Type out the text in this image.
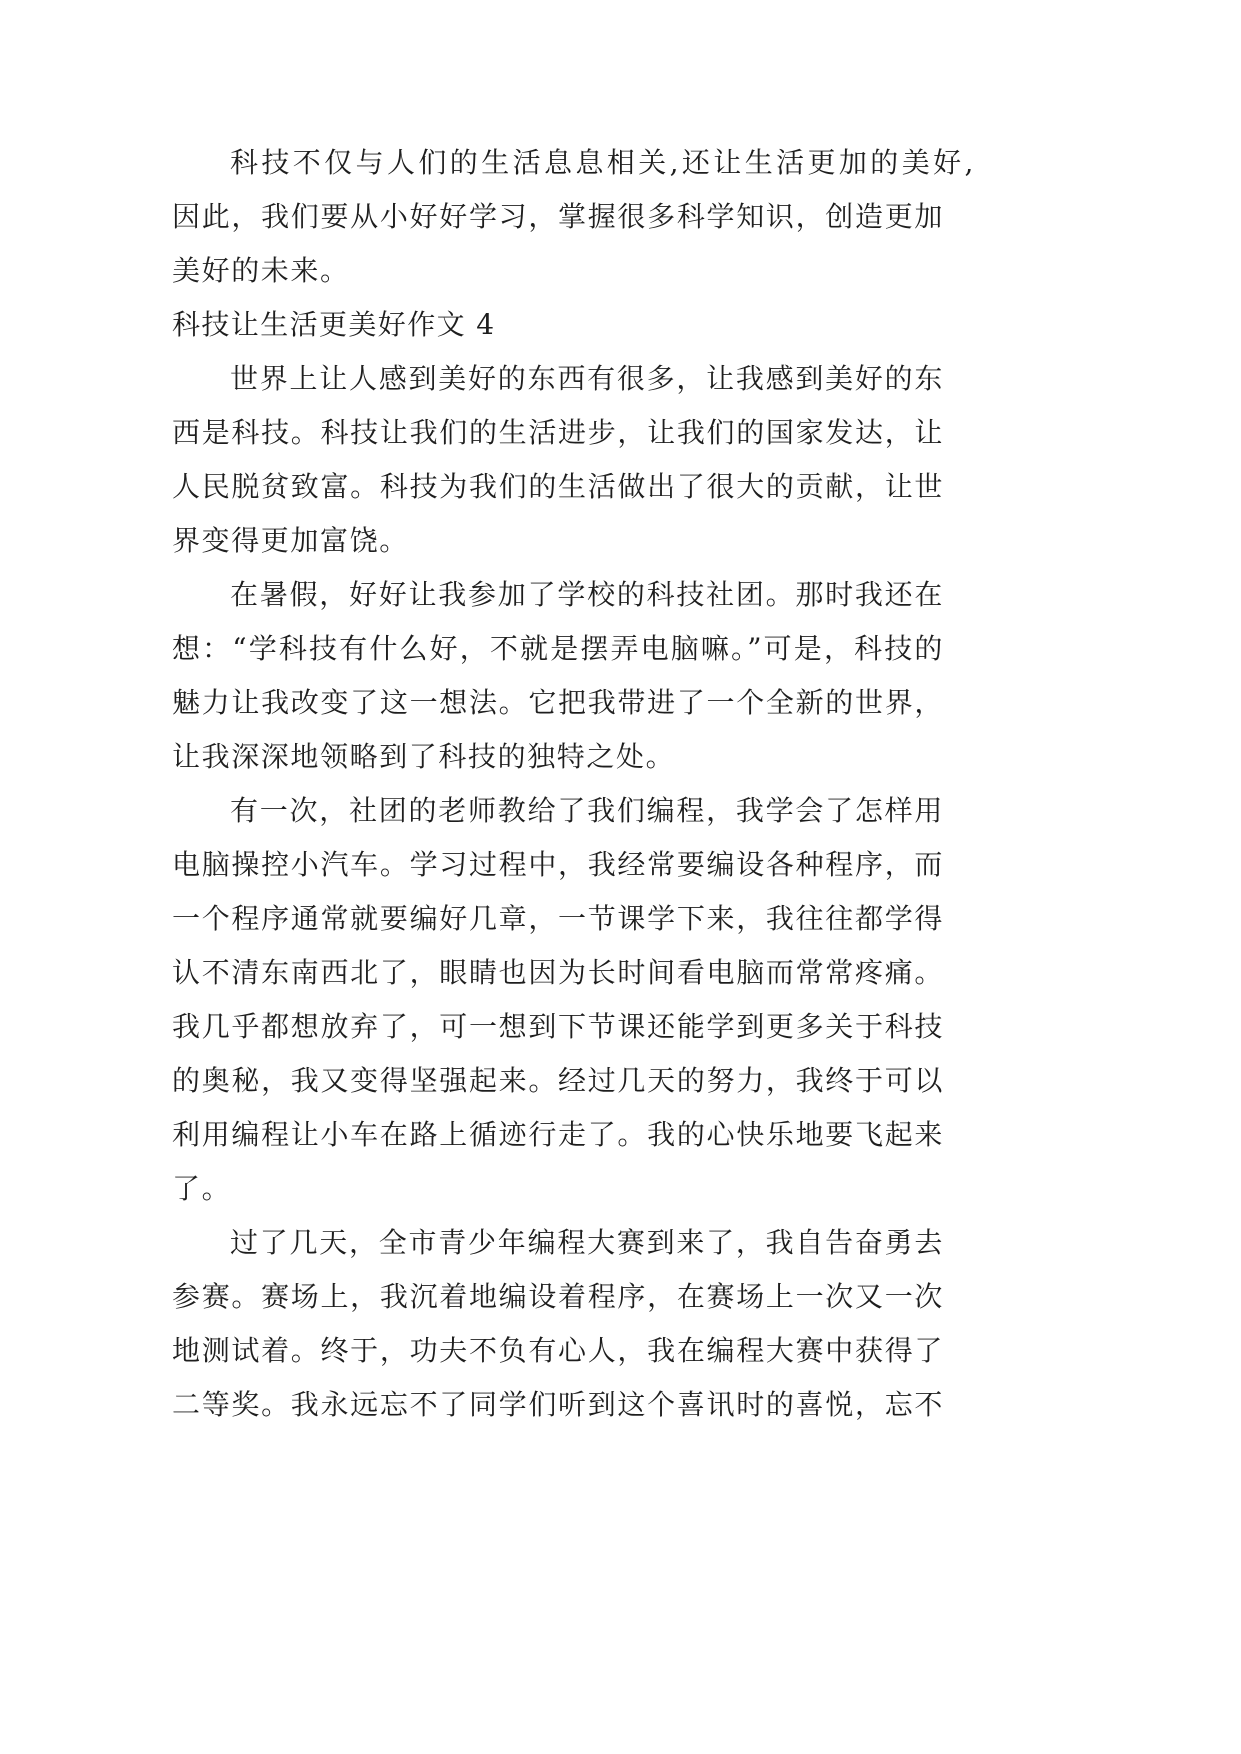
科技不仅与人们的生活息息相关,还让生活更加的美好,
因此，我们要从小好好学习，掌握很多科学知识，创造更加
美好的未来。
科技让生活更美好作文 4
世界上让人感到美好的东西有很多，让我感到美好的东
西是科技。科技让我们的生活进步，让我们的国家发达，让
人民脱贫致富。科技为我们的生活做出了很大的贡献，让世
界变得更加富饶。
在暑假，好好让我参加了学校的科技社团。那时我还在
想：“学科技有什么好，不就是摆弄电脑嘛。”可是，科技的
魅力让我改变了这一想法。它把我带进了一个全新的世界，
让我深深地领略到了科技的独特之处。
有一次，社团的老师教给了我们编程，我学会了怎样用
电脑操控小汽车。学习过程中，我经常要编设各种程序，而
一个程序通常就要编好几章，一节课学下来，我往往都学得
认不清东南西北了，眼睛也因为长时间看电脑而常常疼痛。
我几乎都想放弃了，可一想到下节课还能学到更多关于科技
的奥秘，我又变得坚强起来。经过几天的努力，我终于可以
利用编程让小车在路上循迹行走了。我的心快乐地要飞起来
了。
过了几天，全市青少年编程大赛到来了，我自告奋勇去
参赛。赛场上，我沉着地编设着程序，在赛场上一次又一次
地测试着。终于，功夫不负有心人，我在编程大赛中获得了
二等奖。我永远忘不了同学们听到这个喜讯时的喜悦，忘不
